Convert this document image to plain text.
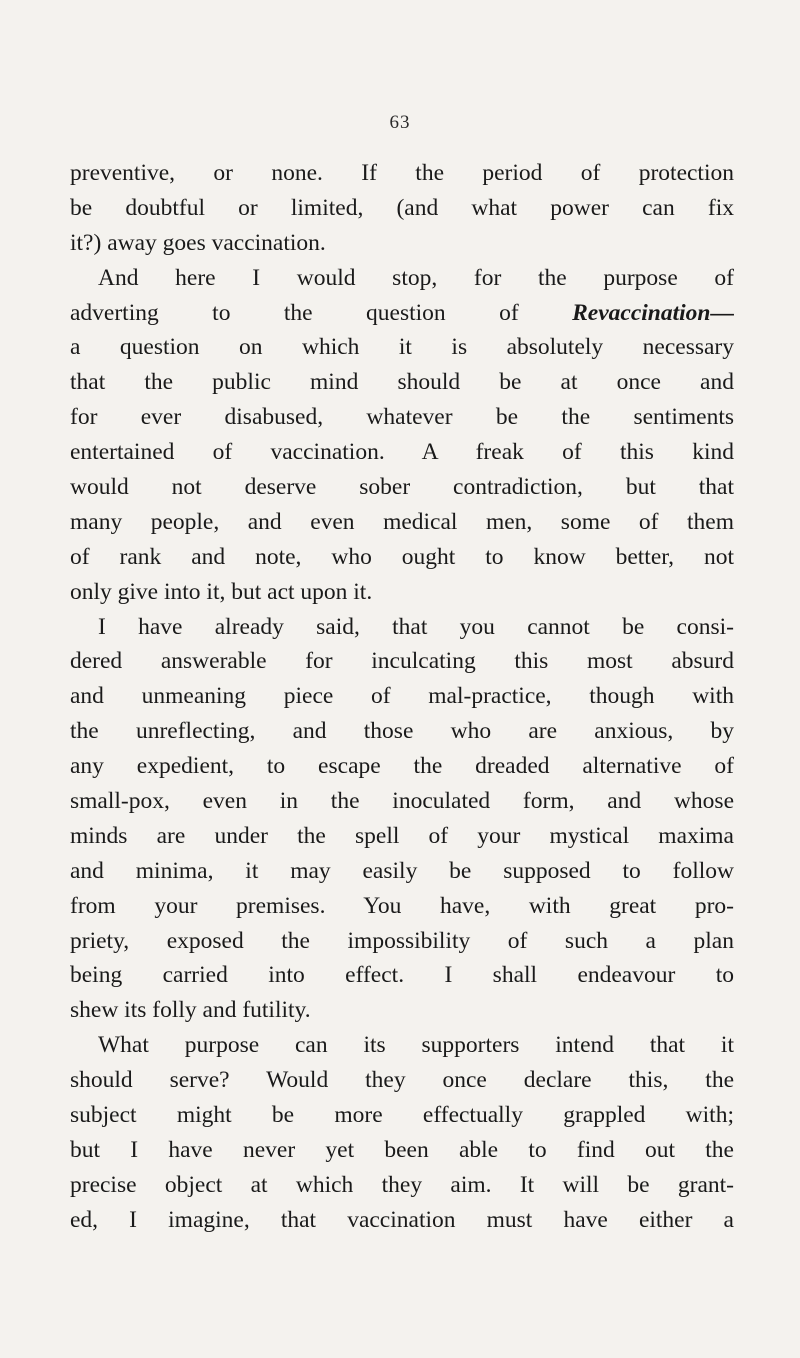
63
preventive, or none. If the period of protection
be doubtful or limited, (and what power can fix
it?) away goes vaccination.
And here I would stop, for the purpose of
adverting to the question of Revaccination—
a question on which it is absolutely necessary
that the public mind should be at once and
for ever disabused, whatever be the sentiments
entertained of vaccination. A freak of this kind
would not deserve sober contradiction, but that
many people, and even medical men, some of them
of rank and note, who ought to know better, not
only give into it, but act upon it.
I have already said, that you cannot be consi-
dered answerable for inculcating this most absurd
and unmeaning piece of mal-practice, though with
the unreflecting, and those who are anxious, by
any expedient, to escape the dreaded alternative of
small-pox, even in the inoculated form, and whose
minds are under the spell of your mystical maxima
and minima, it may easily be supposed to follow
from your premises. You have, with great pro-
priety, exposed the impossibility of such a plan
being carried into effect. I shall endeavour to
shew its folly and futility.
What purpose can its supporters intend that it
should serve? Would they once declare this, the
subject might be more effectually grappled with;
but I have never yet been able to find out the
precise object at which they aim. It will be grant-
ed, I imagine, that vaccination must have either a
